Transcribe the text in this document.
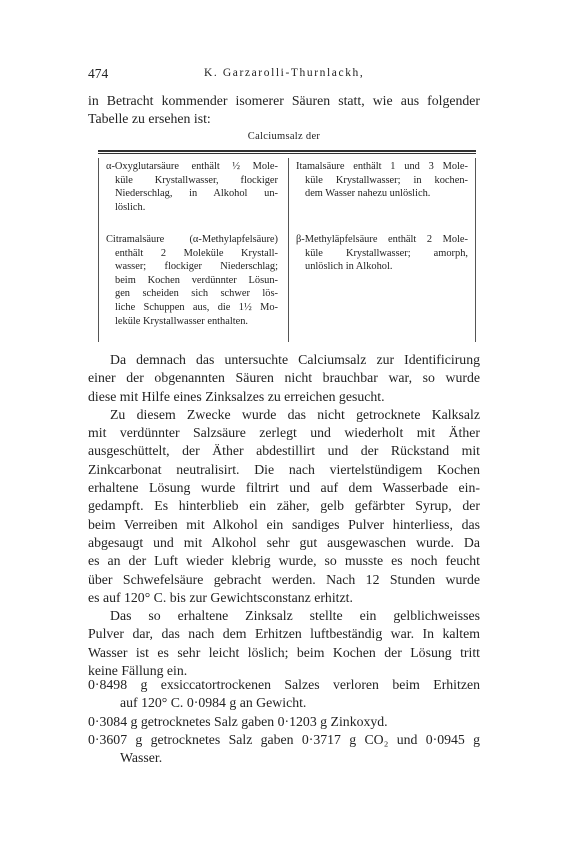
474	K. Garzarolli-Thurnlackh,
in Betracht kommender isomerer Säuren statt, wie aus folgender
Tabelle zu ersehen ist:
Calciumsalz der
α-Oxyglutarsäure enthält ½ Mole-
küle Krystallwasser, flockiger
Niederschlag, in Alkohol un-
löslich.
Itamalsäure enthält 1 und 3 Mole-
küle Krystallwasser; in kochen-
dem Wasser nahezu unlöslich.
Citramalsäure (α-Methylapfelsäure)
enthält 2 Moleküle Krystall-
wasser; flockiger Niederschlag;
beim Kochen verdünnter Lösun-
gen scheiden sich schwer lös-
liche Schuppen aus, die 1½ Mo-
leküle Krystallwasser enthalten.
β-Methyläpfelsäure enthält 2 Mole-
küle Krystallwasser; amorph,
unlöslich in Alkohol.
Da demnach das untersuchte Calciumsalz zur Identificirung
einer der obgenannten Säuren nicht brauchbar war, so wurde
diese mit Hilfe eines Zinksalzes zu erreichen gesucht.
Zu diesem Zwecke wurde das nicht getrocknete Kalksalz
mit verdünnter Salzsäure zerlegt und wiederholt mit Äther
ausgeschüttelt, der Äther abdestillirt und der Rückstand mit
Zinkcarbonat neutralisirt. Die nach viertelstündigem Kochen
erhaltene Lösung wurde filtrirt und auf dem Wasserbade ein-
gedampft. Es hinterblieb ein zäher, gelb gefärbter Syrup, der
beim Verreiben mit Alkohol ein sandiges Pulver hinterliess, das
abgesaugt und mit Alkohol sehr gut ausgewaschen wurde. Da
es an der Luft wieder klebrig wurde, so musste es noch feucht
über Schwefelsäure gebracht werden. Nach 12 Stunden wurde
es auf 120° C. bis zur Gewichtsconstanz erhitzt.
Das so erhaltene Zinksalz stellte ein gelblichweisses
Pulver dar, das nach dem Erhitzen luftbeständig war. In kaltem
Wasser ist es sehr leicht löslich; beim Kochen der Lösung tritt
keine Fällung ein.
0·8498 g exsiccatortrockenen Salzes verloren beim Erhitzen
auf 120° C. 0·0984 g an Gewicht.
0·3084 g getrocknetes Salz gaben 0·1203 g Zinkoxyd.
0·3607 g getrocknetes Salz gaben 0·3717 g CO₂ und 0·0945 g
Wasser.
